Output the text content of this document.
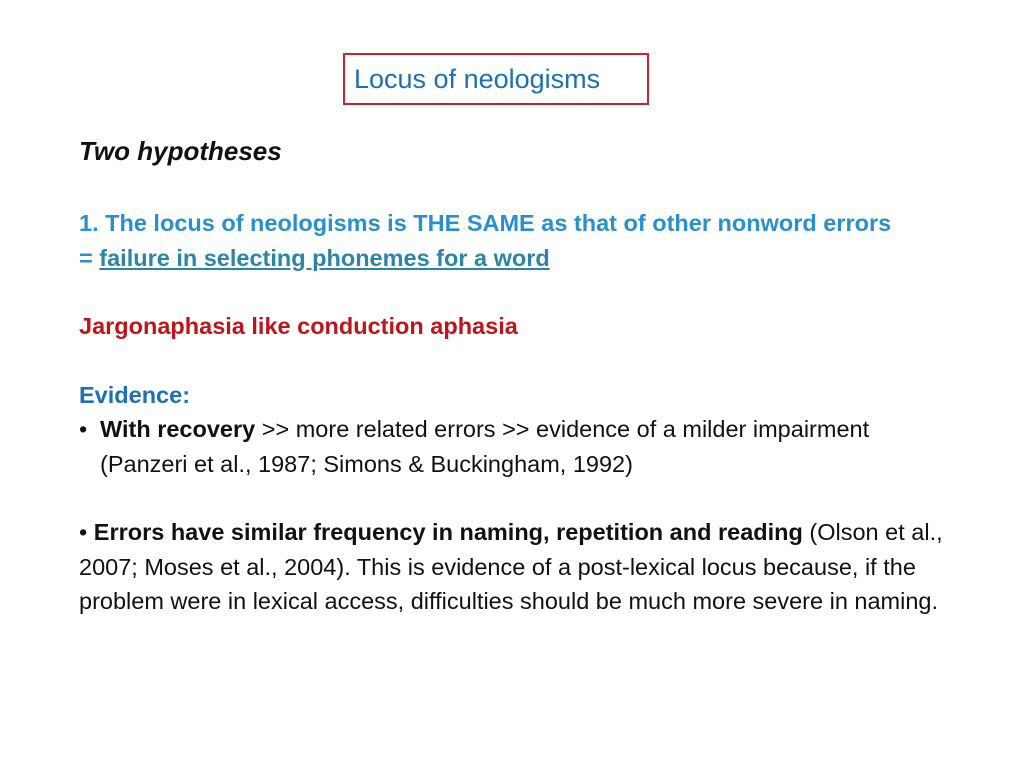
Locus of neologisms
Two hypotheses
1. The locus of neologisms is THE SAME as that of other nonword errors
= failure in selecting phonemes for a word
Jargonaphasia like conduction aphasia
Evidence:
• With recovery >> more related errors >> evidence of a milder impairment (Panzeri et al., 1987; Simons & Buckingham, 1992)
• Errors have similar frequency in naming, repetition and reading (Olson et al., 2007; Moses et al., 2004). This is evidence of a post-lexical locus because, if the problem were in lexical access, difficulties should be much more severe in naming.
